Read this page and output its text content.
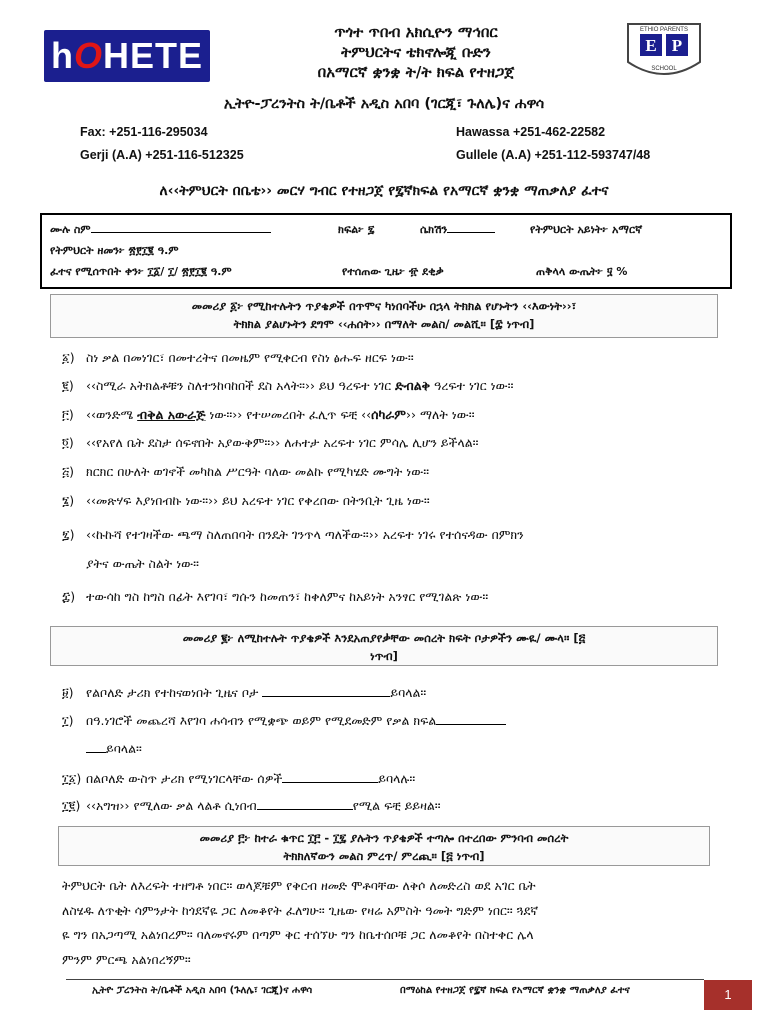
hOHETE
ጥጎተ ጥበብ አክሲዮን ማኅበር
ትምህርትና ቴክኖሎጂ ቡድን
በአማርኛ ቋንቋ ት/ት ክፍል የተዘጋጀ
E P
ETHIO PARENTS
SCHOOL
ኢትዮ-ፓረንትስ ት/ቤቶች አዲስ አበባ (ገርጂ፣ ጉለሌ)ና ሐዋሳ
Fax: +251-116-295034	Hawassa +251-462-22582
Gerji (A.A) +251-116-512325	Gullele (A.A) +251-112-593747/48
ለ‹‹ትምህርት በቤቴ›› መርሃ ግብር የተዘጋጀ የ፯ኛክፍል የአማርኛ ቋንቋ ማጠቃለያ ፈተና
ሙሉ ስም	ክፍል፦ ፯	ሴክሽን	የትምህርት አይነት፦ አማርኛ
የትምህርት ዘመን፦ ፳፻፲፪ ዓ.ም
ፈተና የሚሰጥበት ቀን፦ ፲፩/ ፲/ ፳፻፲፪ ዓ.ም	የተሰጠው ጊዜ፦ ፹ ደቂቃ	ጠቅላላ ውጤት፦ ፶ %
መመሪያ ፩፦ የሚከተሉትን ጥያቄዎች በጥሞና ካነበባችሁ በኋላ ትክክል የሆኑትን ‹‹እውነት››፣
ትክክል ያልሆኑትን ደግሞ ‹‹ሐሰት›› በማለት መልስ/ መልሺ። [፰ ነጥብ]
፩) ስነ ቃል በመነገር፣ በመተረትና በመዜም የሚቀርብ የስነ ፅሑፍ ዘርፍ ነው።
፪) ‹‹ስሚራ አትክልቶቹን ስለተንከባከበች ደስ አላት።›› ይህ ዓረፍተ ነገር ድብልቅ ዓረፍተ ነገር ነው።
፫) ‹‹ወንድሜ ብቅል አውራጅ ነው።›› የተሠመረበት ፈሊጥ ፍቺ ‹‹ሰካራም›› ማለት ነው።
፬) ‹‹የአየለ ቤት ደስታ ሰፍኖበት አያውቅም።›› ለሐተታ አረፍተ ነገር ምሳሌ ሊሆን ይችላል።
፭) ክርክር በሁለት ወገኖች መካከል ሥርዓት ባለው መልኩ የሚካሄድ ሙግት ነው።
፮) ‹‹መጽሃፍ እያነበብኩ ነው።›› ይህ አረፍተ ነገር የቀረበው በትንቢት ጊዜ ነው።
፯) ‹‹ኩኩሻ የተገዛችው ጫማ ስለጠበባት በንዴት ገንጥላ ጣለችው።›› አረፍተ ነገሩ የተሰናዳው በምክን
ያትና ውጤት ስልት ነው።
፰) ተውሳከ ግስ ከግስ በፊት እየገባ፣ ግሱን ከመጠን፣ ከቀለምና ከአይነት አንፃር የሚገልጽ ነው።
መመሪያ ፪፦ ለሚከተሉት ጥያቄዎች እንደአጠያየቃቸው መሰረት ክፍት ቦታዎችን ሙዪ/ ሙላ። [፭
ነጥብ]
፱) የልቦለድ ታሪክ የተከናወነበት ጊዜና ቦታ	ይባላል።
፲) በዓ.ነገሮች መጨረሻ እየገባ ሐሳብን የሚቋጭ ወይም የሚደመድም የቃል ክፍል
ይባላል።
፲፩) በልቦለድ ውስጥ ታሪክ የሚነገርላቸው ሰዎች	ይባላሉ።
፲፪) ‹‹አግዝ›› የሚለው ቃል ላልቶ ሲነበብ	የሚል ፍቺ ይይዛል።
መመሪያ ፫፦ ከተራ ቁጥር ፲፫ - ፲፯ ያሉትን ጥያቄዎች ተጣሎ በተረበው ምንባብ መሰረት
ትክክለኛውን መልስ ምረጥ/ ምረጪ። [፭ ነጥብ]
ትምህርት ቤት ለእረፍት ተዘግቶ ነበር። ወላጆቹም የቅርብ ዘመድ ሞቶባቸው ለቅሶ ለመድረስ ወደ አገር ቤት
ለስሄዱ ለጥቂት ሳምንታት ከጎደኛዬ ጋር ለመቆየት ፈለግሁ። ጊዜው የዛሬ አምስት ዓመት ግድም ነበር። ጓደኛ
ዬ ግን በአጋጣሚ አልነበረም። ባለመኖሩም በጣም ቅር ተሰኘሁ ግን ከቤተሰቦቹ ጋር ለመቆየት በስተቀር ሌላ
ምንም ምርጫ አልነበረኝም።
ኢትዮ ፓረንትስ ት/ቤቶች አዲስ አበባ (ጉለሌ፣ ገርጂ)ና ሐዋሳ	በማዕከል የተዘጋጀ የ፯ኛ ክፍል የአማርኛ ቋንቋ ማጠቃለያ ፈተና	1
